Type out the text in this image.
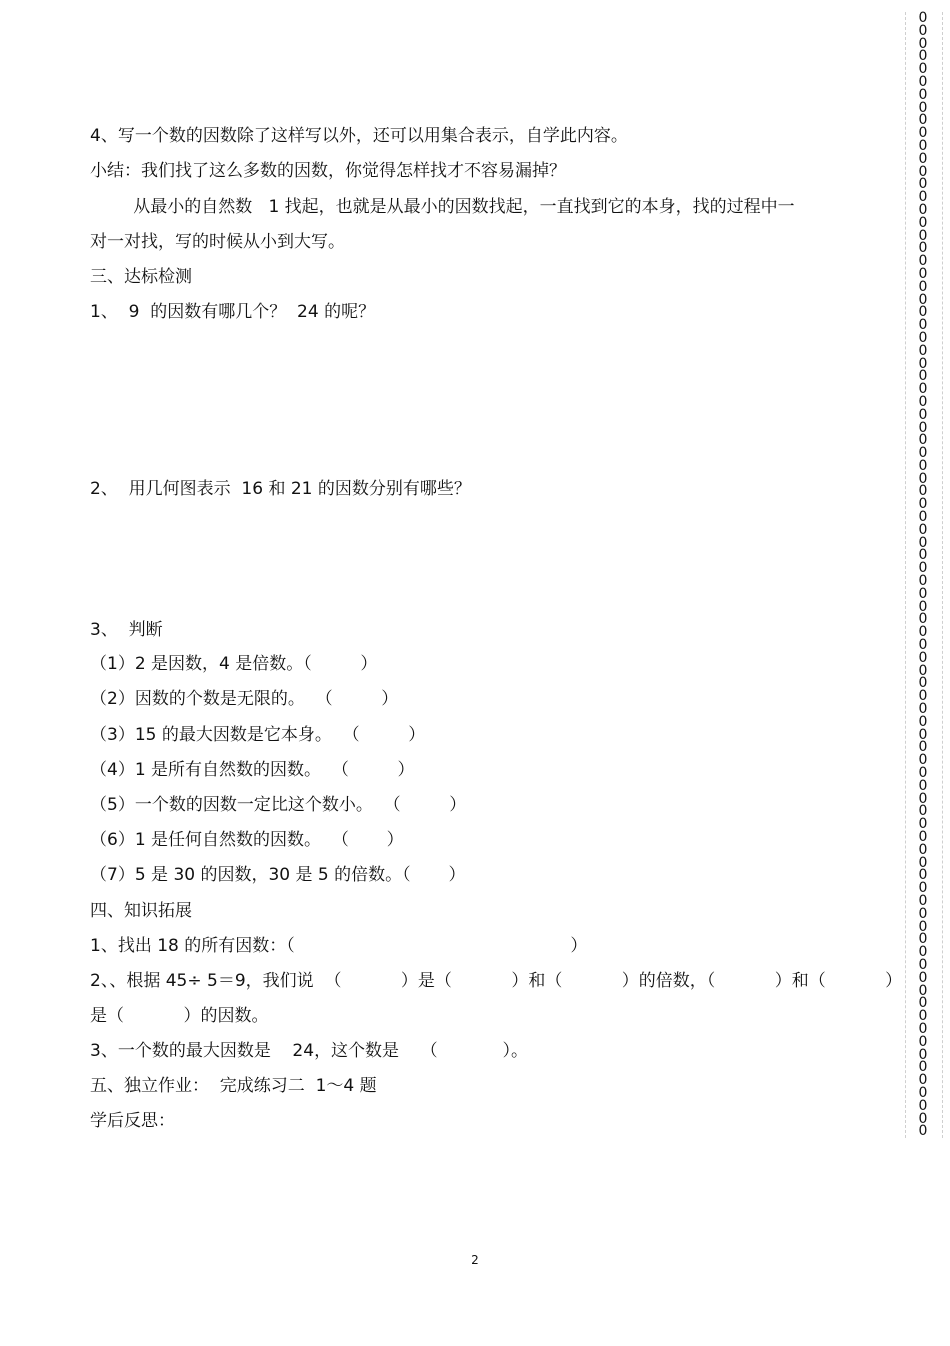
4、写一个数的因数除了这样写以外，还可以用集合表示，自学此内容。
小结：我们找了这么多数的因数，你觉得怎样找才不容易漏掉？
从最小的自然数   1 找起，也就是从最小的因数找起，一直找到它的本身，找的过程中一
对一对找，写的时候从小到大写。
三、达标检测
1、  9  的因数有哪几个？  24 的呢？
2、  用几何图表示  16 和 21 的因数分别有哪些？
3、  判断
（1）2 是因数，4 是倍数。（         ）
（2）因数的个数是无限的。  （         ）
（3）15 的最大因数是它本身。  （         ）
（4）1 是所有自然数的因数。  （         ）
（5）一个数的因数一定比这个数小。  （         ）
（6）1 是任何自然数的因数。  （       ）
（7）5 是 30 的因数，30 是 5 的倍数。（       ）
四、知识拓展
1、找出 18 的所有因数：（                                                   ）
2、、根据 45÷ 5＝9，我们说  （           ）是（           ）和（           ）的倍数，（           ）和（           ）
是（           ）的因数。
3、一个数的最大因数是    24，这个数是    （            ）。
五、独立作业：  完成练习二  1～4 题
学后反思：
2
0
0
0
0
0
0
0
0
0
0
0
0
0
0
0
0
0
0
0
0
0
0
0
0
0
0
0
0
0
0
0
0
0
0
0
0
0
0
0
0
0
0
0
0
0
0
0
0
0
0
0
0
0
0
0
0
0
0
0
0
0
0
0
0
0
0
0
0
0
0
0
0
0
0
0
0
0
0
0
0
0
0
0
0
0
0
0
0
